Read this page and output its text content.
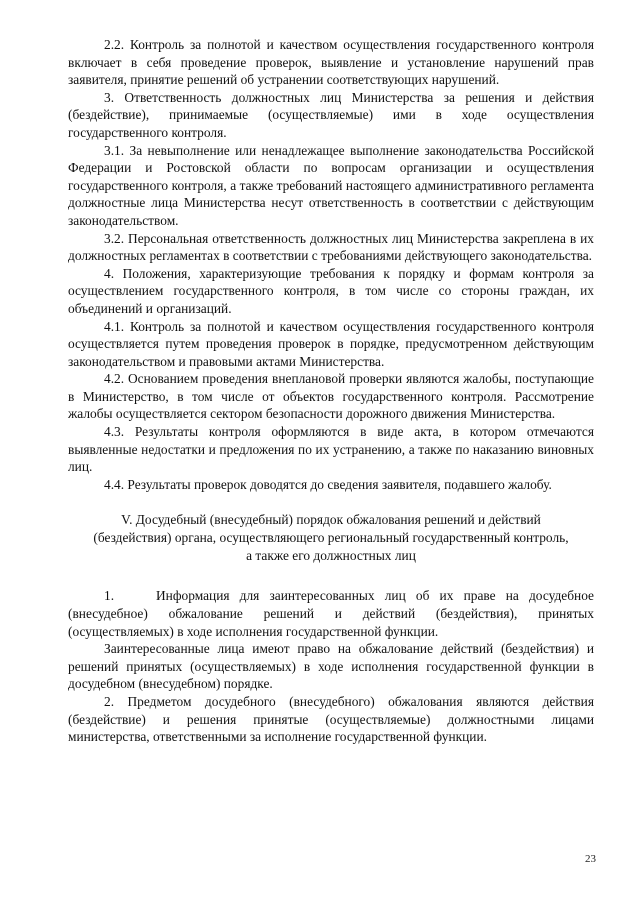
2.2. Контроль за полнотой и качеством осуществления государственного контроля включает в себя проведение проверок, выявление и установление нарушений прав заявителя, принятие решений об устранении соответствующих нарушений.

3. Ответственность должностных лиц Министерства за решения и действия (бездействие), принимаемые (осуществляемые) ими в ходе осуществления государственного контроля.

3.1. За невыполнение или ненадлежащее выполнение законодательства Российской Федерации и Ростовской области по вопросам организации и осуществления государственного контроля, а также требований настоящего административного регламента должностные лица Министерства несут ответственность в соответствии с действующим законодательством.

3.2. Персональная ответственность должностных лиц Министерства закреплена в их должностных регламентах в соответствии с требованиями действующего законодательства.

4. Положения, характеризующие требования к порядку и формам контроля за осуществлением государственного контроля, в том числе со стороны граждан, их объединений и организаций.

4.1. Контроль за полнотой и качеством осуществления государственного контроля осуществляется путем проведения проверок в порядке, предусмотренном действующим законодательством и правовыми актами Министерства.

4.2. Основанием проведения внеплановой проверки являются жалобы, поступающие в Министерство, в том числе от объектов государственного контроля. Рассмотрение жалобы осуществляется сектором безопасности дорожного движения Министерства.

4.3. Результаты контроля оформляются в виде акта, в котором отмечаются выявленные недостатки и предложения по их устранению, а также по наказанию виновных лиц.

4.4. Результаты проверок доводятся до сведения заявителя, подавшего жалобу.

V. Досудебный (внесудебный) порядок обжалования решений и действий
(бездействия) органа, осуществляющего региональный государственный контроль,
а также его должностных лиц

1.	Информация для заинтересованных лиц об их праве на досудебное (внесудебное) обжалование решений и действий (бездействия), принятых (осуществляемых) в ходе исполнения государственной функции.

Заинтересованные лица имеют право на обжалование действий (бездействия) и решений принятых (осуществляемых) в ходе исполнения государственной функции в досудебном (внесудебном) порядке.

2. Предметом досудебного (внесудебного) обжалования являются действия (бездействие) и решения принятые (осуществляемые) должностными лицами министерства, ответственными за исполнение государственной функции.

23
